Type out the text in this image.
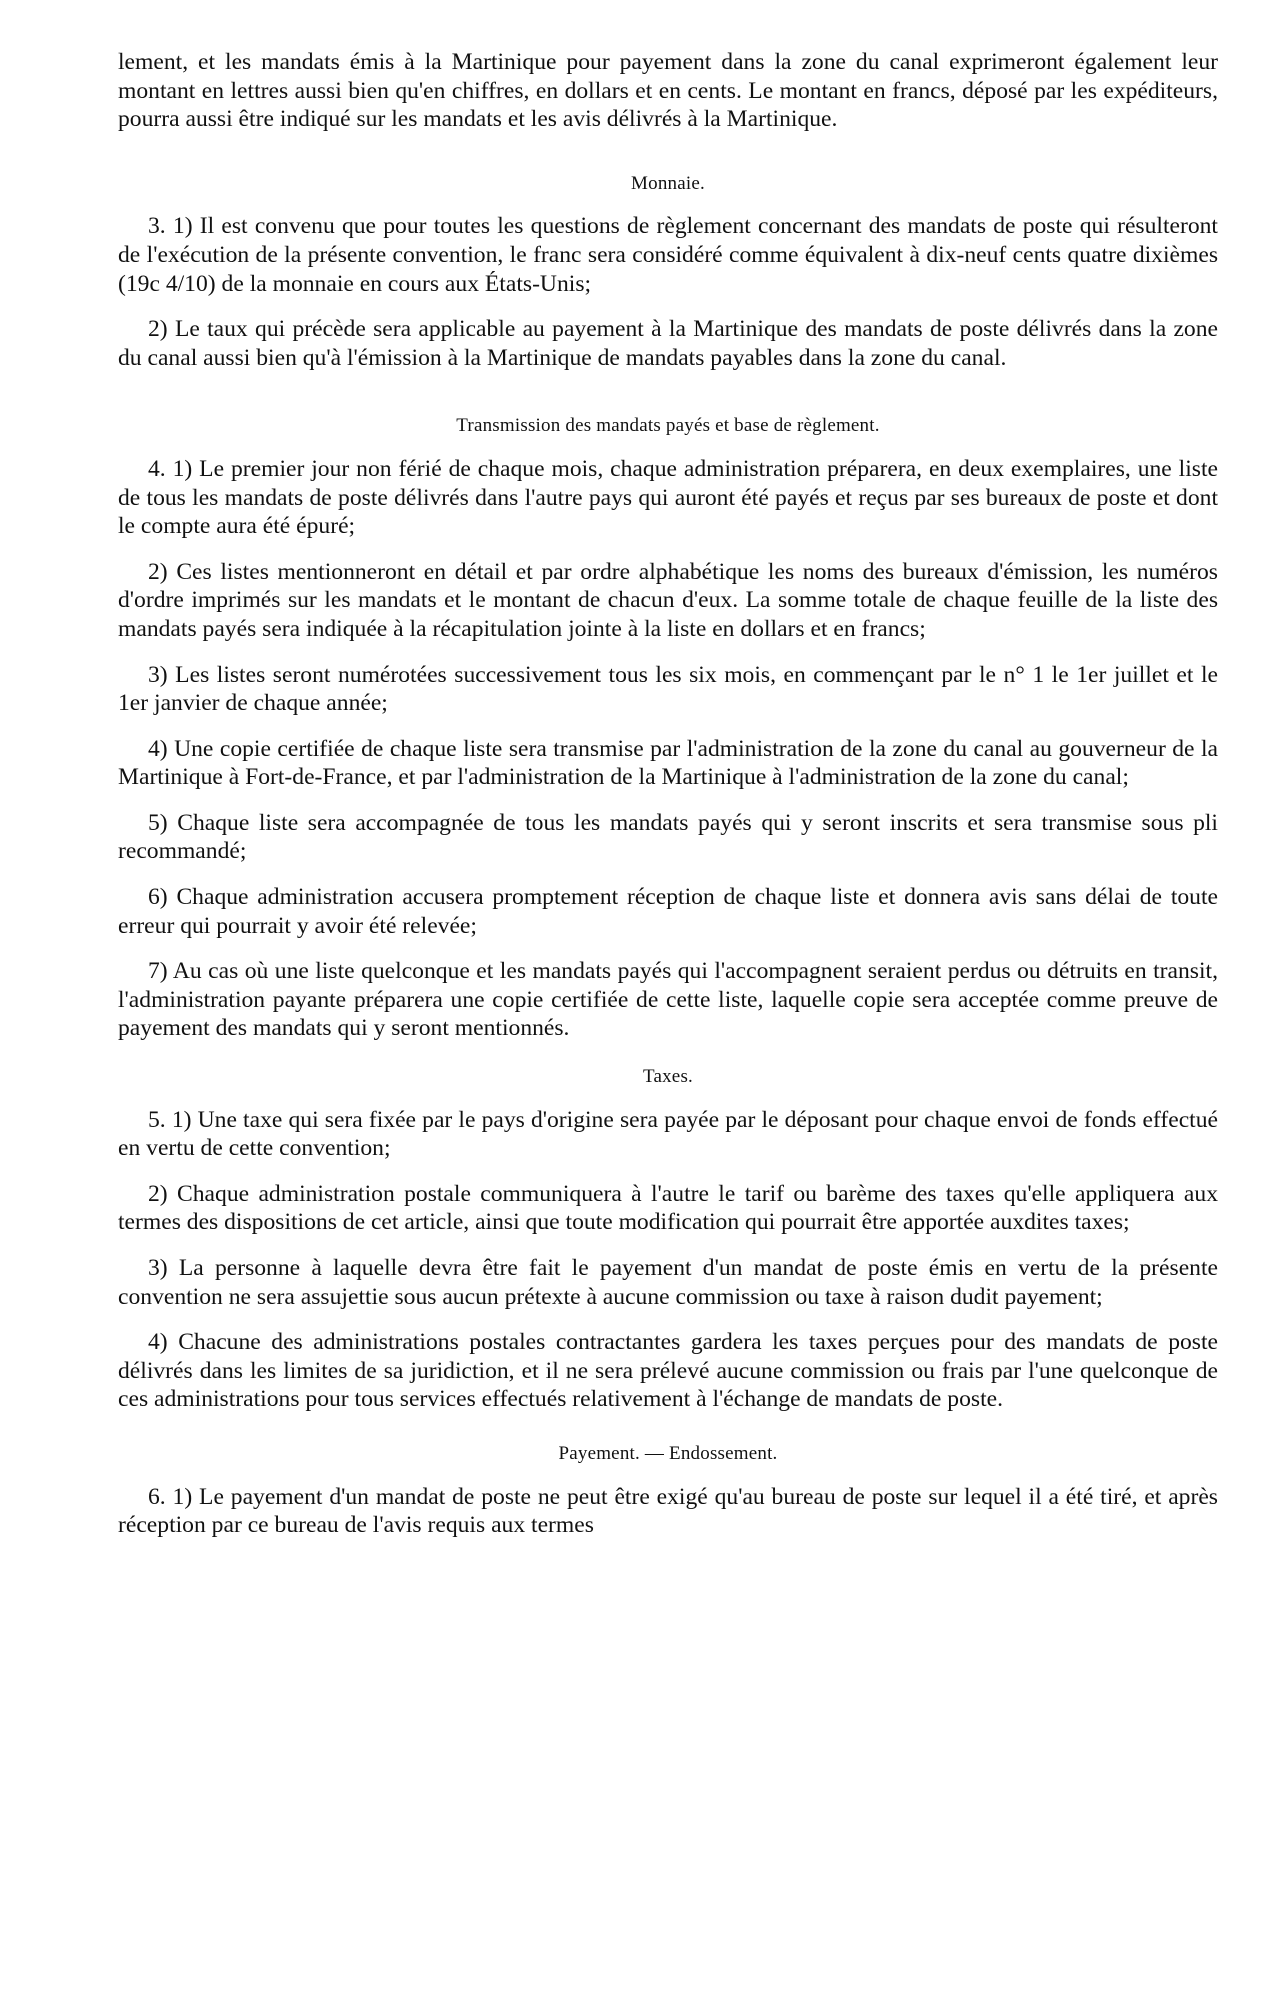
lement, et les mandats émis à la Martinique pour payement dans la zone du canal exprimeront également leur montant en lettres aussi bien qu'en chiffres, en dollars et en cents. Le montant en francs, déposé par les expéditeurs, pourra aussi être indiqué sur les mandats et les avis délivrés à la Martinique.

Monnaie.

3. 1) Il est convenu que pour toutes les questions de règlement concernant des mandats de poste qui résulteront de l'exécution de la présente convention, le franc sera considéré comme équivalent à dix-neuf cents quatre dixièmes (19c 4/10) de la monnaie en cours aux États-Unis;

2) Le taux qui précède sera applicable au payement à la Martinique des mandats de poste délivrés dans la zone du canal aussi bien qu'à l'émission à la Martinique de mandats payables dans la zone du canal.

Transmission des mandats payés et base de règlement.

4. 1) Le premier jour non férié de chaque mois, chaque administration préparera, en deux exemplaires, une liste de tous les mandats de poste délivrés dans l'autre pays qui auront été payés et reçus par ses bureaux de poste et dont le compte aura été épuré;

2) Ces listes mentionneront en détail et par ordre alphabétique les noms des bureaux d'émission, les numéros d'ordre imprimés sur les mandats et le montant de chacun d'eux. La somme totale de chaque feuille de la liste des mandats payés sera indiquée à la récapitulation jointe à la liste en dollars et en francs;

3) Les listes seront numérotées successivement tous les six mois, en commençant par le n° 1 le 1er juillet et le 1er janvier de chaque année;

4) Une copie certifiée de chaque liste sera transmise par l'administration de la zone du canal au gouverneur de la Martinique à Fort-de-France, et par l'administration de la Martinique à l'administration de la zone du canal;

5) Chaque liste sera accompagnée de tous les mandats payés qui y seront inscrits et sera transmise sous pli recommandé;

6) Chaque administration accusera promptement réception de chaque liste et donnera avis sans délai de toute erreur qui pourrait y avoir été relevée;

7) Au cas où une liste quelconque et les mandats payés qui l'accompagnent seraient perdus ou détruits en transit, l'administration payante préparera une copie certifiée de cette liste, laquelle copie sera acceptée comme preuve de payement des mandats qui y seront mentionnés.

Taxes.

5. 1) Une taxe qui sera fixée par le pays d'origine sera payée par le déposant pour chaque envoi de fonds effectué en vertu de cette convention;

2) Chaque administration postale communiquera à l'autre le tarif ou barème des taxes qu'elle appliquera aux termes des dispositions de cet article, ainsi que toute modification qui pourrait être apportée auxdites taxes;

3) La personne à laquelle devra être fait le payement d'un mandat de poste émis en vertu de la présente convention ne sera assujettie sous aucun prétexte à aucune commission ou taxe à raison dudit payement;

4) Chacune des administrations postales contractantes gardera les taxes perçues pour des mandats de poste délivrés dans les limites de sa juridiction, et il ne sera prélevé aucune commission ou frais par l'une quelconque de ces administrations pour tous services effectués relativement à l'échange de mandats de poste.

Payement. — Endossement.

6. 1) Le payement d'un mandat de poste ne peut être exigé qu'au bureau de poste sur lequel il a été tiré, et après réception par ce bureau de l'avis requis aux termes
